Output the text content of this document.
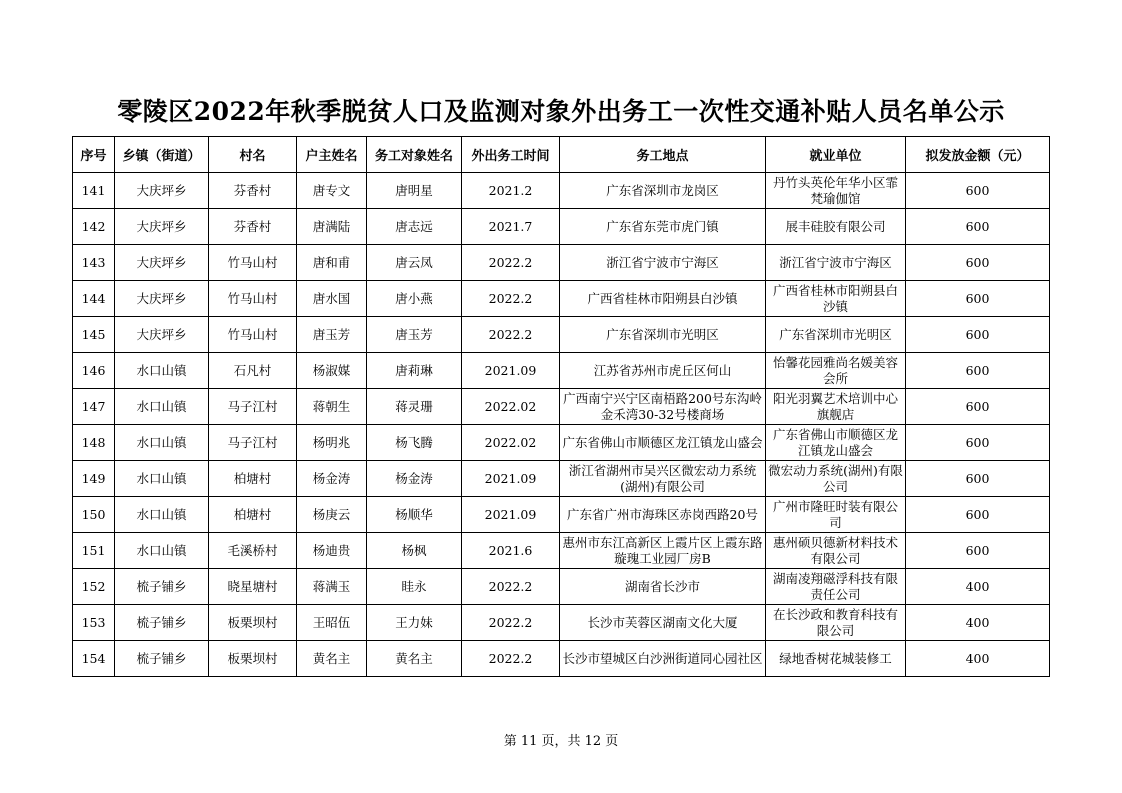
零陵区2022年秋季脱贫人口及监测对象外出务工一次性交通补贴人员名单公示
序号	乡镇（街道）	村名	户主姓名	务工对象姓名	外出务工时间	务工地点	就业单位	拟发放金额（元）
141	大庆坪乡	芬香村	唐专文	唐明星	2021.2	广东省深圳市龙岗区	丹竹头英伦年华小区霏梵瑜伽馆	600
142	大庆坪乡	芬香村	唐满陆	唐志远	2021.7	广东省东莞市虎门镇	展丰硅胶有限公司	600
143	大庆坪乡	竹马山村	唐和甫	唐云凤	2022.2	浙江省宁波市宁海区	浙江省宁波市宁海区	600
144	大庆坪乡	竹马山村	唐水国	唐小燕	2022.2	广西省桂林市阳朔县白沙镇	广西省桂林市阳朔县白沙镇	600
145	大庆坪乡	竹马山村	唐玉芳	唐玉芳	2022.2	广东省深圳市光明区	广东省深圳市光明区	600
146	水口山镇	石凡村	杨淑媒	唐莉琳	2021.09	江苏省苏州市虎丘区何山	怡馨花园雅尚名媛美容会所	600
147	水口山镇	马子江村	蒋朝生	蒋灵珊	2022.02	广西南宁兴宁区南梧路200号东沟岭金禾湾30-32号楼商场	阳光羽翼艺术培训中心旗舰店	600
148	水口山镇	马子江村	杨明兆	杨飞腾	2022.02	广东省佛山市顺德区龙江镇龙山盛会	广东省佛山市顺德区龙江镇龙山盛会	600
149	水口山镇	柏塘村	杨金涛	杨金涛	2021.09	浙江省湖州市吴兴区微宏动力系统(湖州)有限公司	微宏动力系统(湖州)有限公司	600
150	水口山镇	柏塘村	杨庚云	杨顺华	2021.09	广东省广州市海珠区赤岗西路20号	广州市隆旺时装有限公司	600
151	水口山镇	毛溪桥村	杨迪贵	杨枫	2021.6	惠州市东江高新区上霞片区上霞东路璇瑰工业园厂房B	惠州硕贝德新材料技术有限公司	600
152	梳子铺乡	晓星塘村	蒋满玉	眭永	2022.2	湖南省长沙市	湖南凌翔磁浮科技有限责任公司	400
153	梳子铺乡	板栗坝村	王昭伍	王力妹	2022.2	长沙市芙蓉区湖南文化大厦	在长沙政和教育科技有限公司	400
154	梳子铺乡	板栗坝村	黄名主	黄名主	2022.2	长沙市望城区白沙洲街道同心园社区	绿地香树花城装修工	400
第 11 页，共 12 页
